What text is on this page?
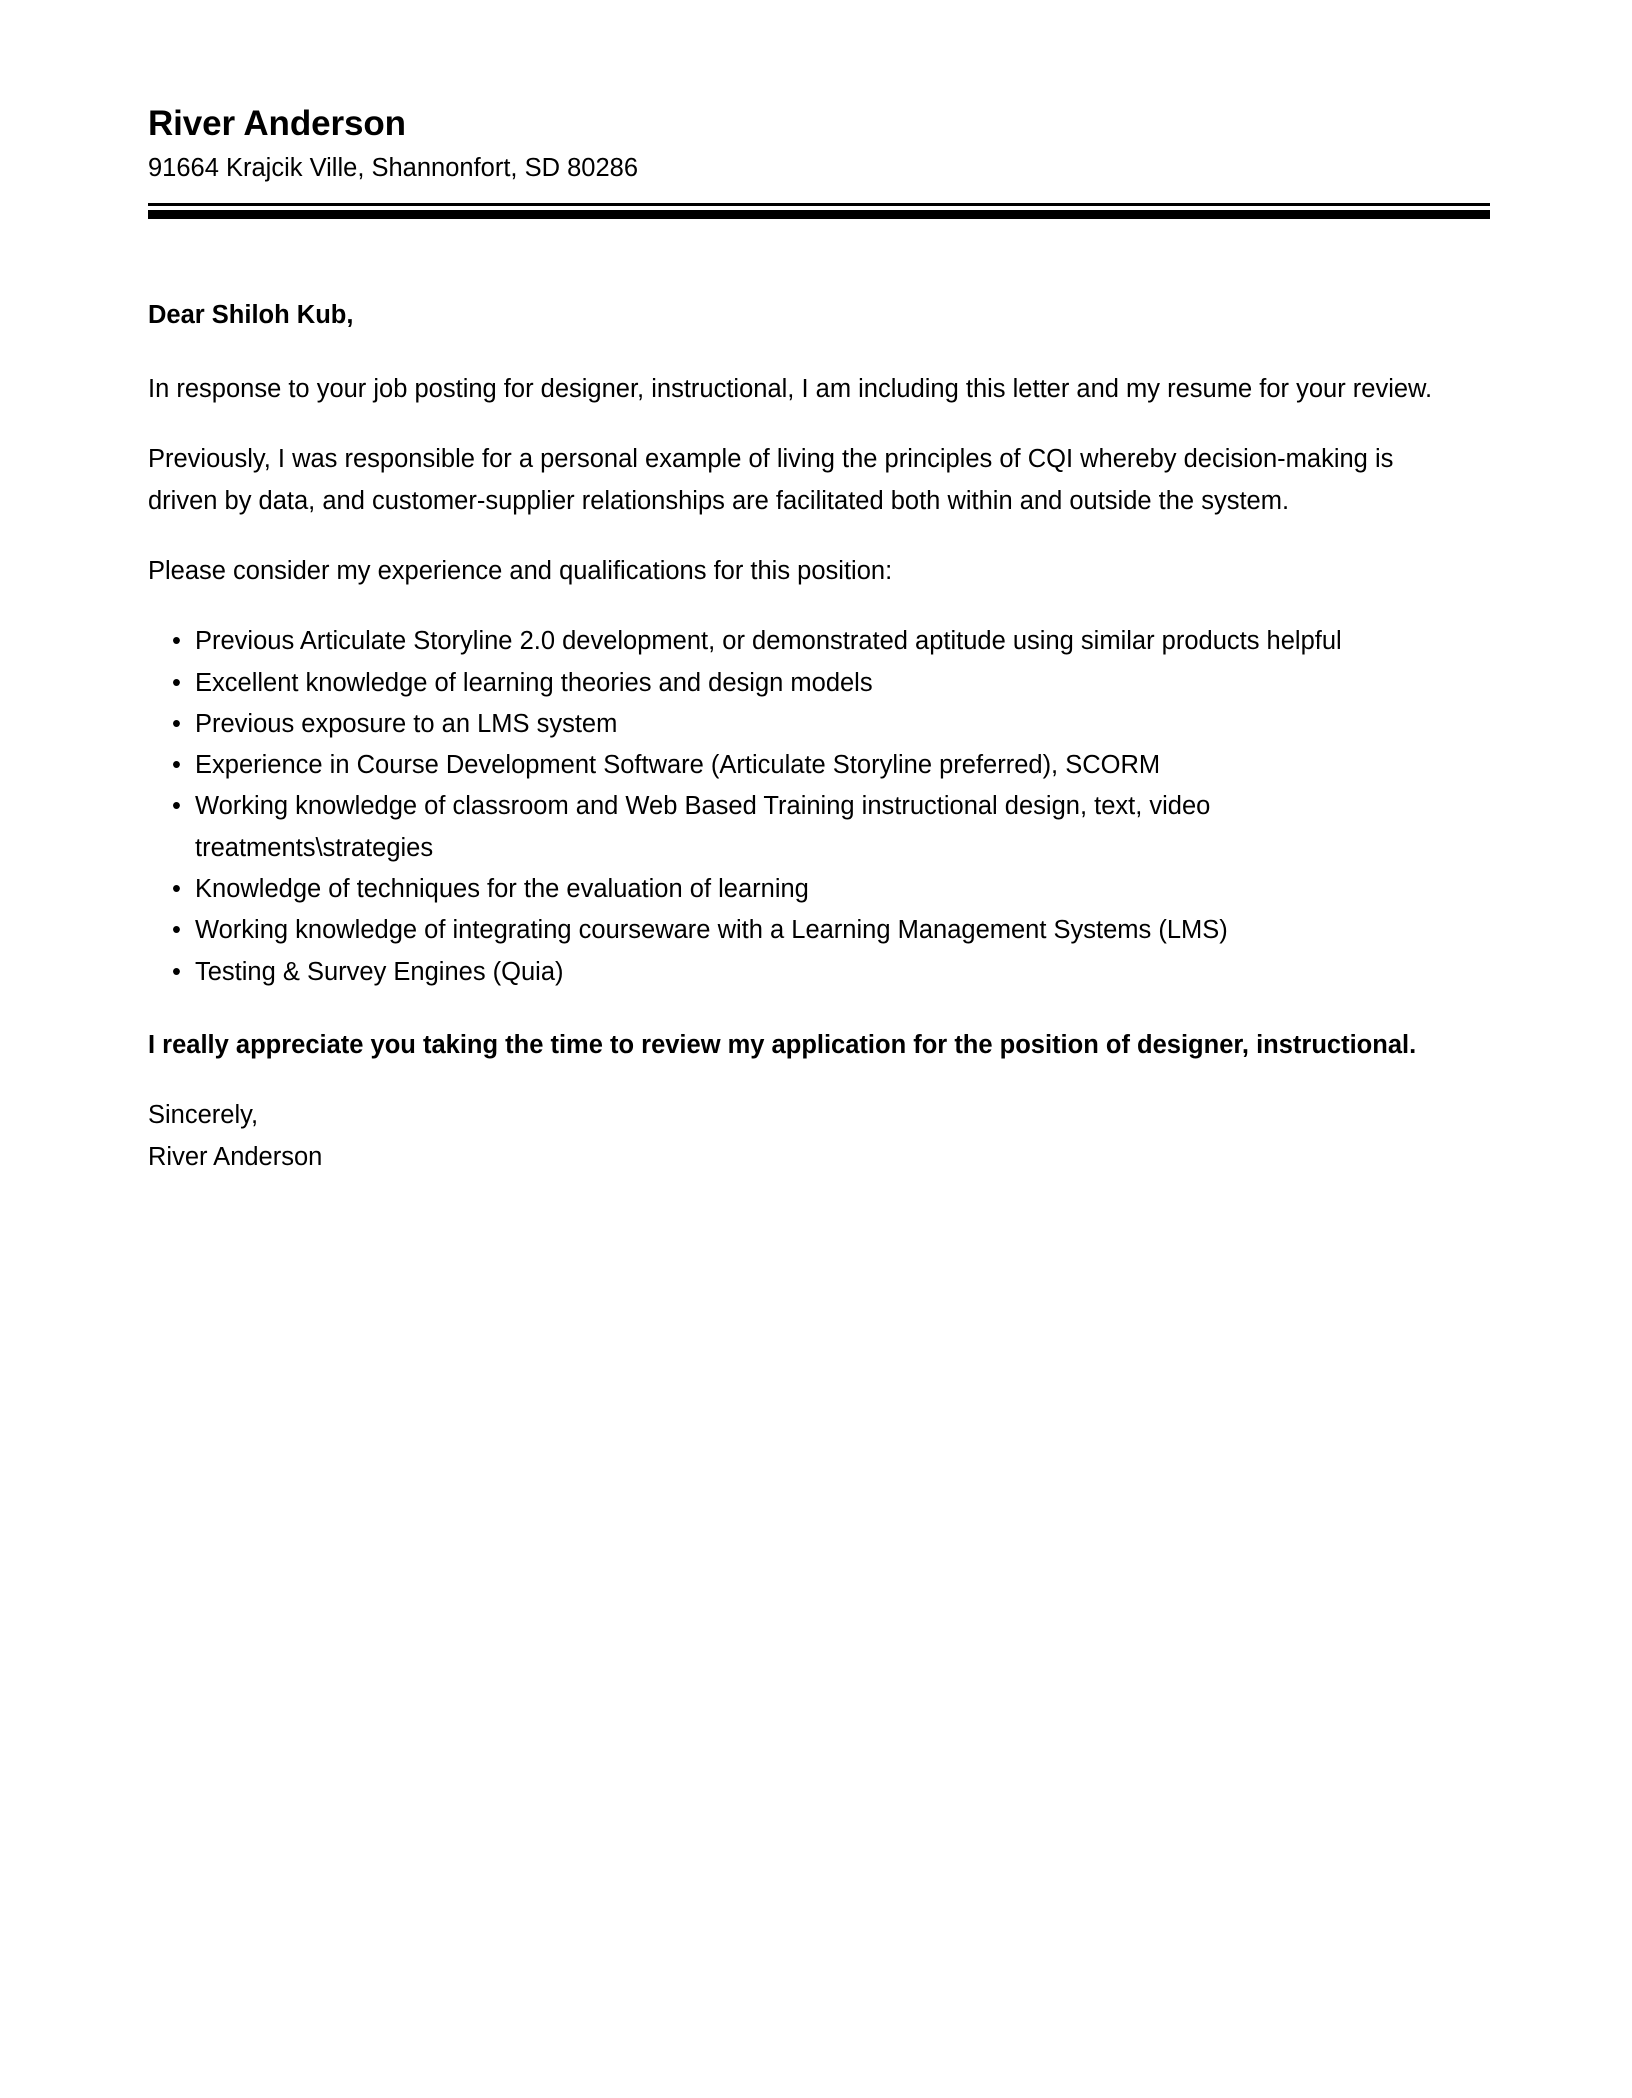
River Anderson
91664 Krajcik Ville, Shannonfort, SD 80286
Dear Shiloh Kub,

In response to your job posting for designer, instructional, I am including this letter and my resume for your review.

Previously, I was responsible for a personal example of living the principles of CQI whereby decision-making is driven by data, and customer-supplier relationships are facilitated both within and outside the system.

Please consider my experience and qualifications for this position:

• Previous Articulate Storyline 2.0 development, or demonstrated aptitude using similar products helpful
• Excellent knowledge of learning theories and design models
• Previous exposure to an LMS system
• Experience in Course Development Software (Articulate Storyline preferred), SCORM
• Working knowledge of classroom and Web Based Training instructional design, text, video treatments\strategies
• Knowledge of techniques for the evaluation of learning
• Working knowledge of integrating courseware with a Learning Management Systems (LMS)
• Testing & Survey Engines (Quia)

I really appreciate you taking the time to review my application for the position of designer, instructional.

Sincerely,
River Anderson
